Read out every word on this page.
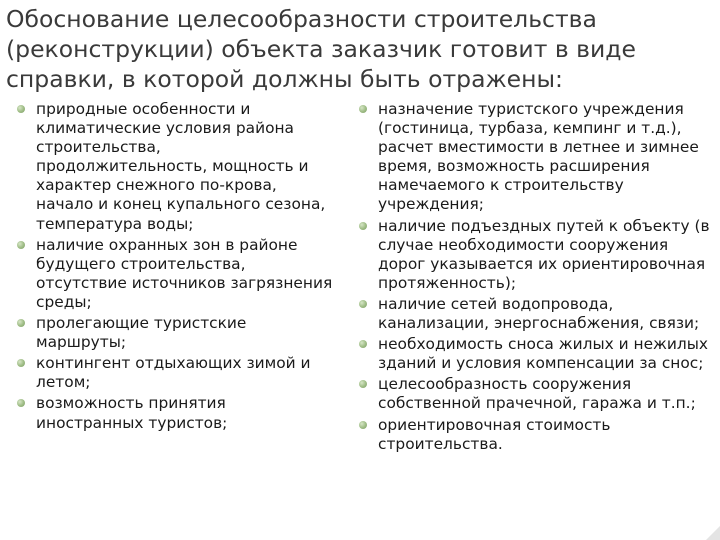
Обоснование целесообразности строительства (реконструкции) объекта заказчик готовит в виде справки, в которой должны быть отражены:
природные особенности и климатические условия района строительства, продолжительность, мощность и характер снежного по-крова, начало и конец купального сезона, температура воды;
наличие охранных зон в районе будущего строительства, отсутствие источников загрязнения среды;
пролегающие туристские маршруты;
контингент отдыхающих зимой и летом;
возможность принятия иностранных туристов;
назначение туристского учреждения (гостиница, турбаза, кемпинг и т.д.), расчет вместимости в летнее и зимнее время, возможность расширения намечаемого к строительству учреждения;
наличие подъездных путей к объекту (в случае необходимости сооружения дорог указывается их ориентировочная протяженность);
наличие сетей водопровода, канализации, энергоснабжения, связи;
необходимость сноса жилых и нежилых зданий и условия компенсации за снос;
целесообразность сооружения собственной прачечной, гаража и т.п.;
ориентировочная стоимость строительства.
